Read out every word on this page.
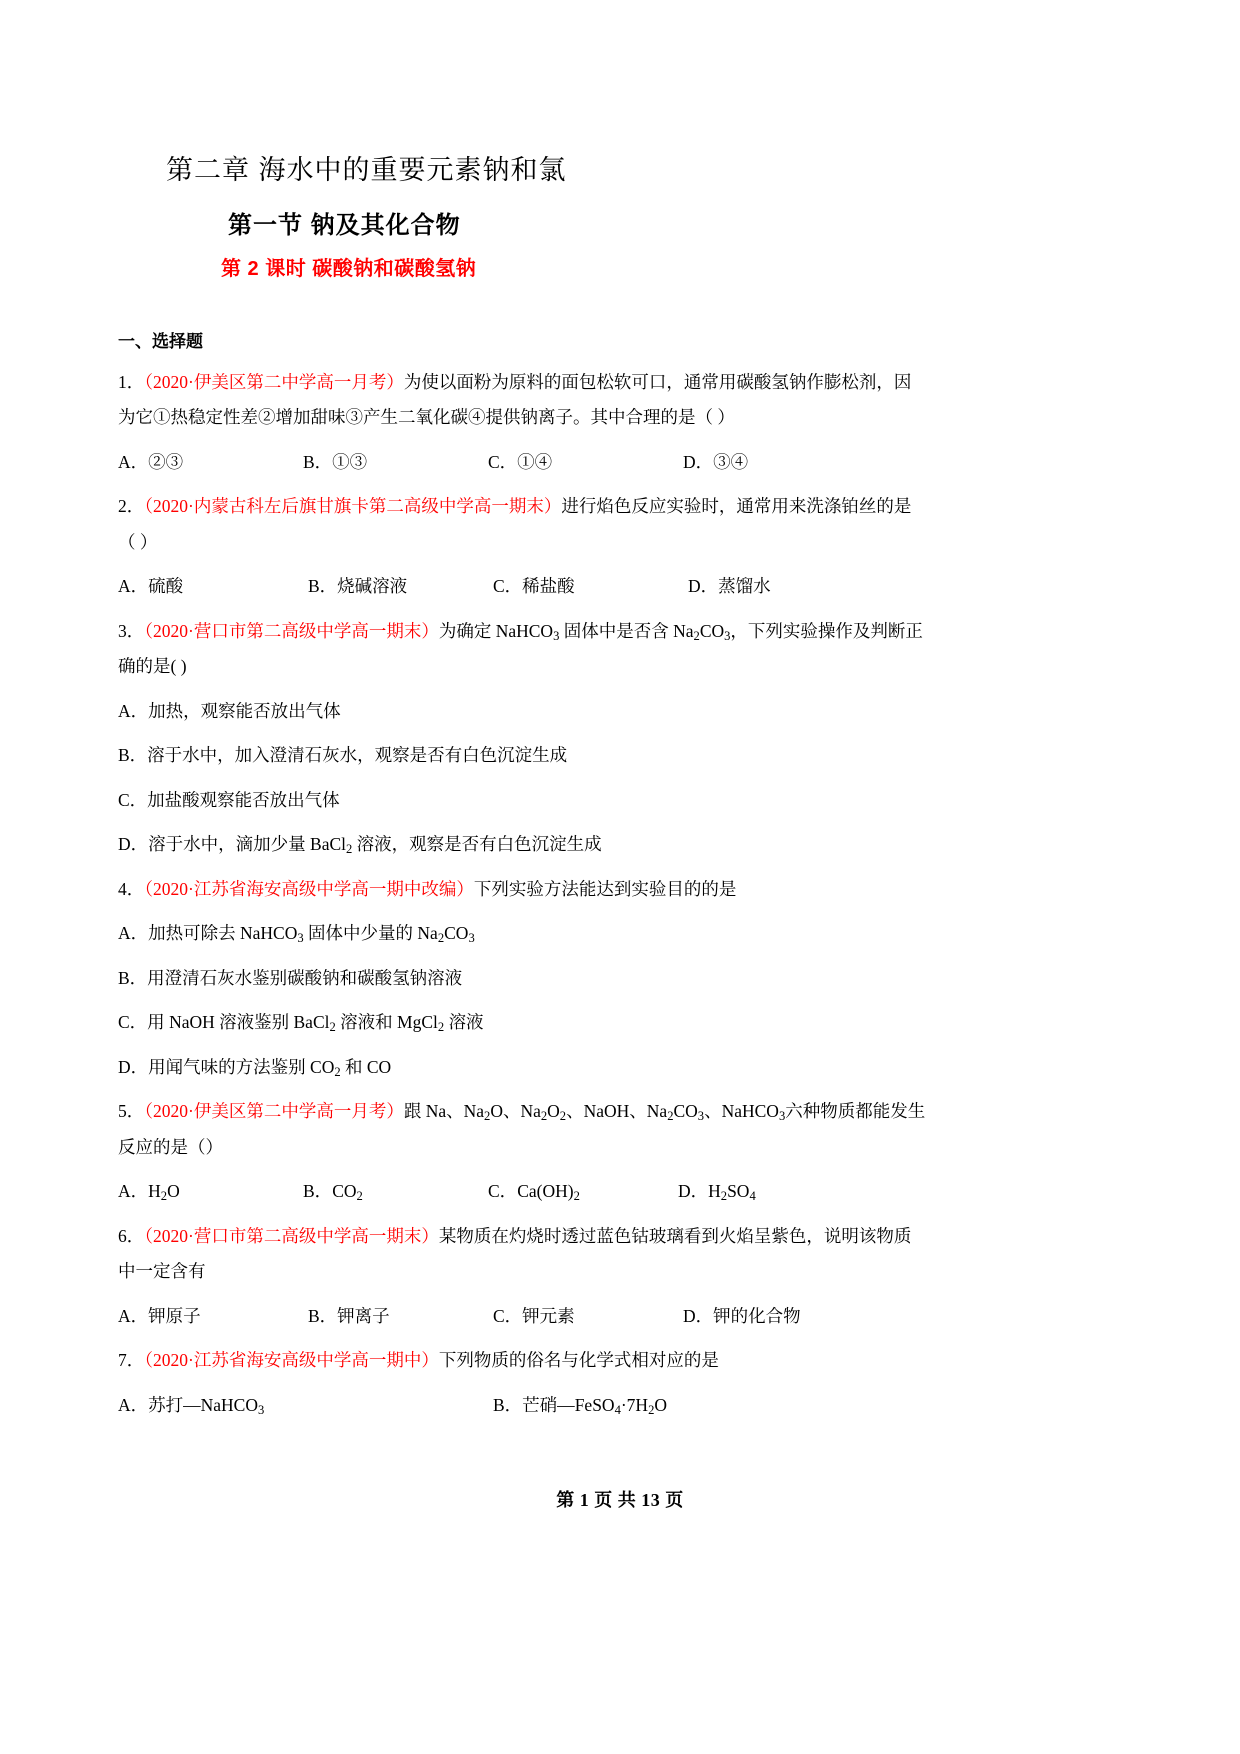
第二章 海水中的重要元素钠和氯
第一节 钠及其化合物
第 2 课时 碳酸钠和碳酸氢钠

一、选择题

1．（2020·伊美区第二中学高一月考）为使以面粉为原料的面包松软可口，通常用碳酸氢钠作膨松剂，因

为它①热稳定性差②增加甜味③产生二氧化碳④提供钠离子。其中合理的是（ ）

A．②③	B．①③	C．①④	D．③④

2．（2020·内蒙古科左后旗甘旗卡第二高级中学高一期末）进行焰色反应实验时，通常用来洗涤铂丝的是

（ ）

A．硫酸	B．烧碱溶液	C．稀盐酸	D．蒸馏水

3．（2020·营口市第二高级中学高一期末）为确定 NaHCO$_3$ 固体中是否含 $Na_2CO_3$，下列实验操作及判断正

确的是( )

A．加热，观察能否放出气体

B．溶于水中，加入澄清石灰水，观察是否有白色沉淀生成

C．加盐酸观察能否放出气体

D．溶于水中，滴加少量 BaCl$_2$ 溶液，观察是否有白色沉淀生成

4．（2020·江苏省海安高级中学高一期中改编）下列实验方法能达到实验目的的是

A．加热可除去 NaHCO$_3$ 固体中少量的 $Na_2CO_3$

B．用澄清石灰水鉴别碳酸钠和碳酸氢钠溶液

C．用 NaOH 溶液鉴别 BaCl$_2$ 溶液和 MgCl$_2$ 溶液

D．用闻气味的方法鉴别 $CO_2$ 和 CO

5．（2020·伊美区第二中学高一月考）跟 Na、$Na_2O$、$Na_2O_2$、NaOH、$Na_2CO_3$、NaHCO$_3$六种物质都能发生

反应的是（）

A．$H_2O$	B．$CO_2$	C．$Ca(OH)_2$	D．$H_2SO_4$

6．（2020·营口市第二高级中学高一期末）某物质在灼烧时透过蓝色钴玻璃看到火焰呈紫色，说明该物质

中一定含有

A．钾原子	B．钾离子	C．钾元素	D．钾的化合物

7．（2020·江苏省海安高级中学高一期中）下列物质的俗名与化学式相对应的是

A．苏打—NaHCO$_3$	B．芒硝$—FeSO_4\cdot 7H_2O$

第 1 页 共 13 页
